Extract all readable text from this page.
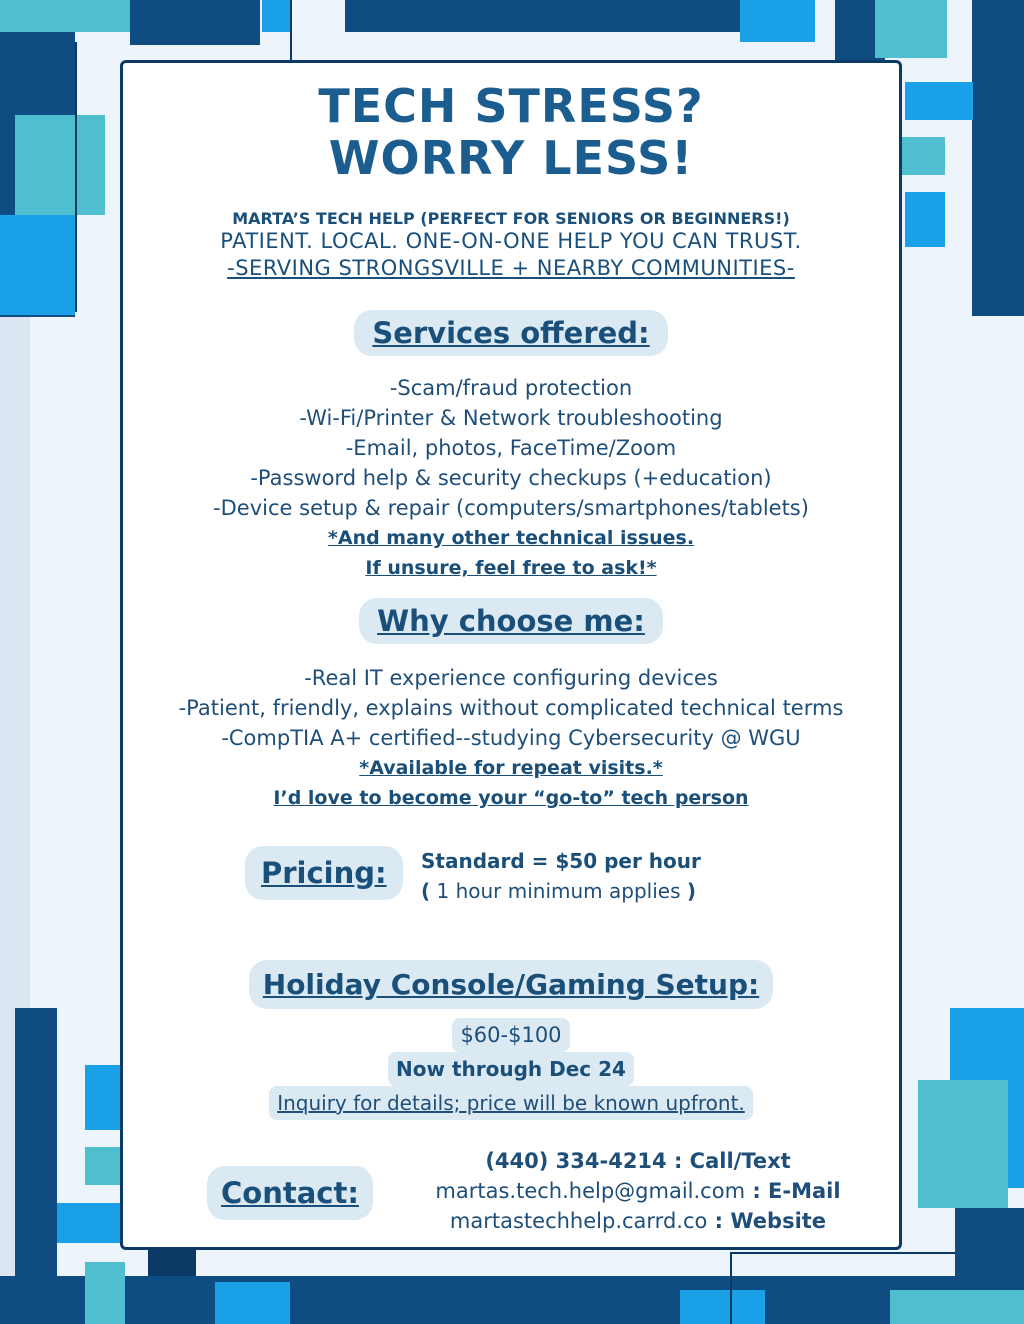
TECH STRESS?
WORRY LESS!
MARTA’S TECH HELP (PERFECT FOR SENIORS OR BEGINNERS!)
PATIENT. LOCAL. ONE-ON-ONE HELP YOU CAN TRUST.
-SERVING STRONGSVILLE + NEARBY COMMUNITIES-
Services offered:
-Scam/fraud protection
-Wi-Fi/Printer & Network troubleshooting
-Email, photos, FaceTime/Zoom
-Password help & security checkups (+education)
-Device setup & repair (computers/smartphones/tablets)
*And many other technical issues.
If unsure, feel free to ask!*
Why choose me:
-Real IT experience configuring devices
-Patient, friendly, explains without complicated technical terms
-CompTIA A+ certified--studying Cybersecurity @ WGU
*Available for repeat visits.*
I’d love to become your “go-to” tech person
Pricing:	Standard = $50 per hour
( 1 hour minimum applies )
Holiday Console/Gaming Setup:
$60-$100
Now through Dec 24
Inquiry for details; price will be known upfront.
Contact:
(440) 334-4214 : Call/Text
martas.tech.help@gmail.com : E-Mail
martastechhelp.carrd.co : Website
